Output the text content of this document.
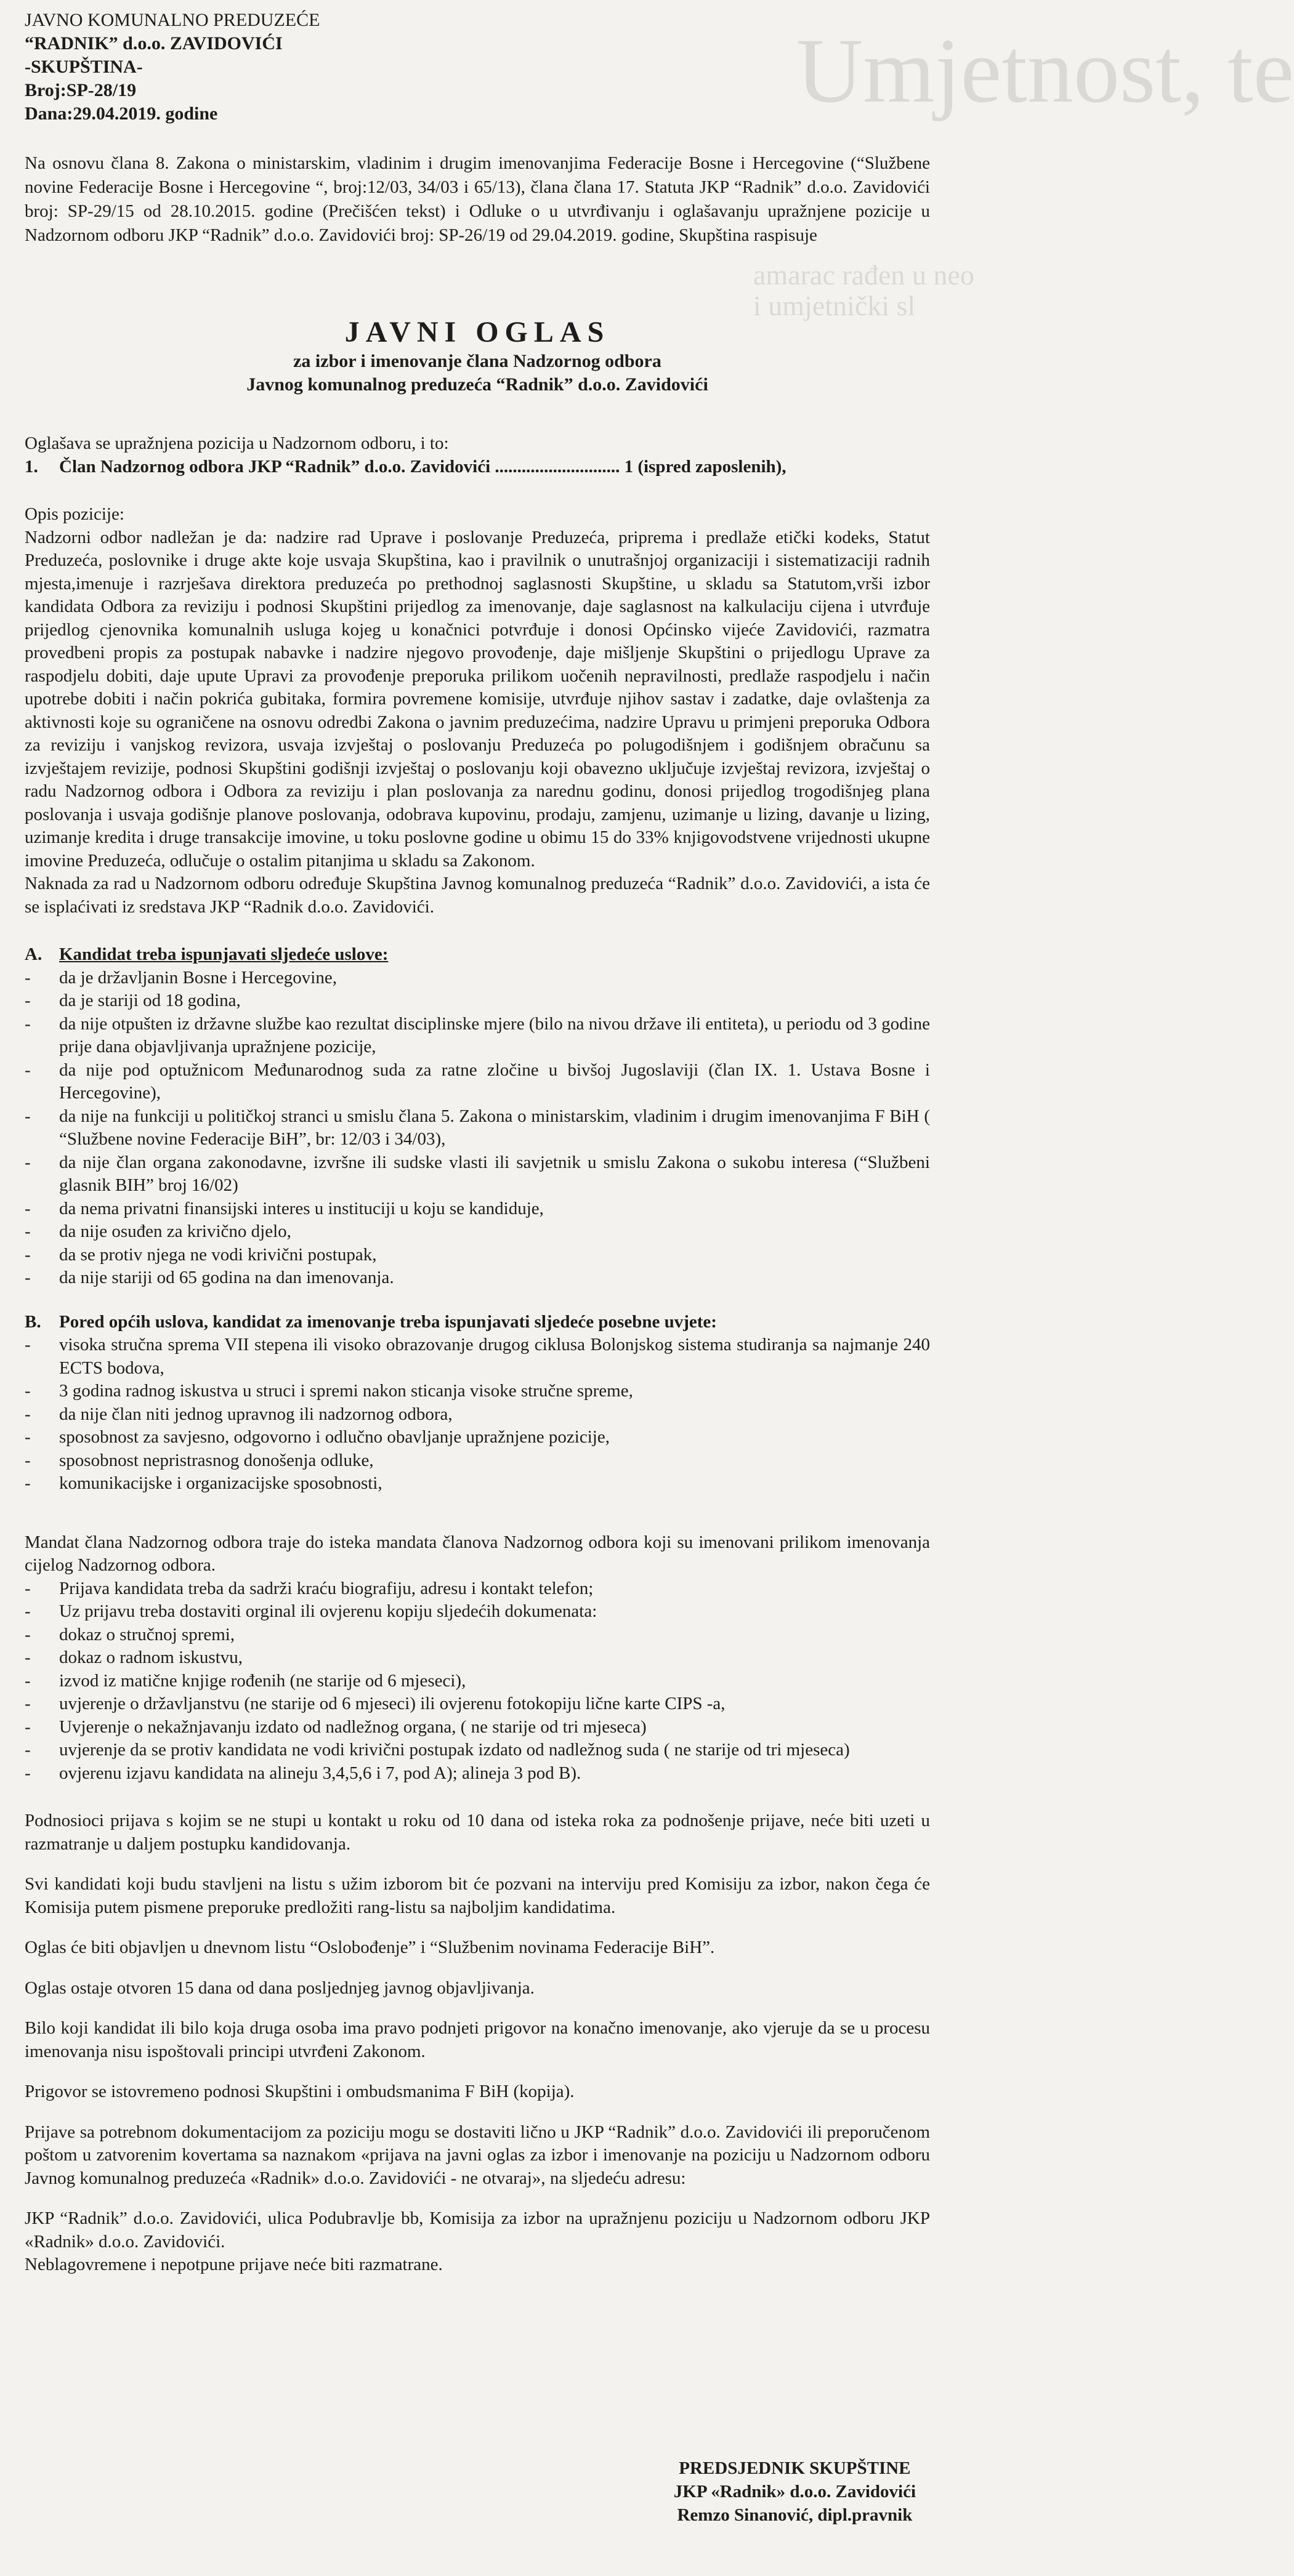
Umjetnost, te
amarac rađen u neo
i umjetnički sl
JAVNO KOMUNALNO PREDUZEĆE
“RADNIK” d.o.o. ZAVIDOVIĆI
-SKUPŠTINA-
Broj:SP-28/19
Dana:29.04.2019. godine

Na osnovu člana 8. Zakona o ministarskim, vladinim i drugim imenovanjima Federacije Bosne i Hercegovine (“Službene novine Federacije Bosne i Hercegovine “, broj:12/03, 34/03 i 65/13), člana člana 17. Statuta JKP “Radnik” d.o.o. Zavidovići broj: SP-29/15 od 28.10.2015. godine (Prečišćen tekst) i Odluke o u utvrđivanju i oglašavanju upražnjene pozicije u Nadzornom odboru JKP “Radnik” d.o.o. Zavidovići broj: SP-26/19 od 29.04.2019. godine, Skupština raspisuje

JAVNI OGLAS
za izbor i imenovanje člana Nadzornog odbora
Javnog komunalnog preduzeća “Radnik” d.o.o. Zavidovići

Oglašava se upražnjena pozicija u Nadzornom odboru, i to:

1.	Član Nadzornog odbora JKP “Radnik” d.o.o. Zavidovići ............................ 1 (ispred zaposlenih),

Opis pozicije:

Nadzorni odbor nadležan je da: nadzire rad Uprave i poslovanje Preduzeća, priprema i predlaže etički kodeks, Statut Preduzeća, poslovnike i druge akte koje usvaja Skupština, kao i pravilnik o unutrašnjoj organizaciji i sistematizaciji radnih mjesta,imenuje i razrješava direktora preduzeća po prethodnoj saglasnosti Skupštine, u skladu sa Statutom,vrši izbor kandidata Odbora za reviziju i podnosi Skupštini prijedlog za imenovanje, daje saglasnost na kalkulaciju cijena i utvrđuje prijedlog cjenovnika komunalnih usluga kojeg u konačnici potvrđuje i donosi Općinsko vijeće Zavidovići, razmatra provedbeni propis za postupak nabavke i nadzire njegovo provođenje, daje mišljenje Skupštini o prijedlogu Uprave za raspodjelu dobiti, daje upute Upravi za provođenje preporuka prilikom uočenih nepravilnosti, predlaže raspodjelu i način upotrebe dobiti i način pokrića gubitaka, formira povremene komisije, utvrđuje njihov sastav i zadatke, daje ovlaštenja za aktivnosti koje su ograničene na osnovu odredbi Zakona o javnim preduzećima, nadzire Upravu u primjeni preporuka Odbora za reviziju i vanjskog revizora, usvaja izvještaj o poslovanju Preduzeća po polugodišnjem i godišnjem obračunu sa izvještajem revizije, podnosi Skupštini godišnji izvještaj o poslovanju koji obavezno uključuje izvještaj revizora, izvještaj o radu Nadzornog odbora i Odbora za reviziju i plan poslovanja za narednu godinu, donosi prijedlog trogodišnjeg plana poslovanja i usvaja godišnje planove poslovanja, odobrava kupovinu, prodaju, zamjenu, uzimanje u lizing, davanje u lizing, uzimanje kredita i druge transakcije imovine, u toku poslovne godine u obimu 15 do 33% knjigovodstvene vrijednosti ukupne imovine Preduzeća, odlučuje o ostalim pitanjima u skladu sa Zakonom.

Naknada za rad u Nadzornom odboru određuje Skupština Javnog komunalnog preduzeća “Radnik” d.o.o. Zavidovići, a ista će se isplaćivati iz sredstava JKP “Radnik d.o.o. Zavidovići.

A. Kandidat treba ispunjavati sljedeće uslove:
-	da je državljanin Bosne i Hercegovine,
-	da je stariji od 18 godina,
-	da nije otpušten iz državne službe kao rezultat disciplinske mjere (bilo na nivou države ili entiteta), u periodu od 3 godine prije dana objavljivanja upražnjene pozicije,
-	da nije pod optužnicom Međunarodnog suda za ratne zločine u bivšoj Jugoslaviji (član IX. 1. Ustava Bosne i Hercegovine),
-	da nije na funkciji u političkoj stranci u smislu člana 5. Zakona o ministarskim, vladinim i drugim imenovanjima F BiH ( “Službene novine Federacije BiH”, br: 12/03 i 34/03),
-	da nije član organa zakonodavne, izvršne ili sudske vlasti ili savjetnik u smislu Zakona o sukobu interesa (“Službeni glasnik BIH” broj 16/02)
-	da nema privatni finansijski interes u instituciji u koju se kandiduje,
-	da nije osuđen za krivično djelo,
-	da se protiv njega ne vodi krivični postupak,
-	da nije stariji od 65 godina na dan imenovanja.
B.	Pored općih uslova, kandidat za imenovanje treba ispunjavati sljedeće posebne uvjete:
-	visoka stručna sprema VII stepena ili visoko obrazovanje drugog ciklusa Bolonjskog sistema studiranja sa najmanje 240 ECTS bodova,
-	3 godina radnog iskustva u struci i spremi nakon sticanja visoke stručne spreme,
-	da nije član niti jednog upravnog ili nadzornog odbora,
-	sposobnost za savjesno, odgovorno i odlučno obavljanje upražnjene pozicije,
-	sposobnost nepristrasnog donošenja odluke,
-	komunikacijske i organizacijske sposobnosti,

Mandat člana Nadzornog odbora traje do isteka mandata članova Nadzornog odbora koji su imenovani prilikom imenovanja cijelog Nadzornog odbora.

-	Prijava kandidata treba da sadrži kraću biografiju, adresu i kontakt telefon;
-	Uz prijavu treba dostaviti orginal ili ovjerenu kopiju sljedećih dokumenata:
-	dokaz o stručnoj spremi,
-	dokaz o radnom iskustvu,
-	izvod iz matične knjige rođenih (ne starije od 6 mjeseci),
-	uvjerenje o državljanstvu (ne starije od 6 mjeseci) ili ovjerenu fotokopiju lične karte CIPS -a,
-	Uvjerenje o nekažnjavanju izdato od nadležnog organa, ( ne starije od tri mjeseca)
-	uvjerenje da se protiv kandidata ne vodi krivični postupak izdato od nadležnog suda ( ne starije od tri mjeseca)
-	ovjerenu izjavu kandidata na alineju 3,4,5,6 i 7, pod A); alineja 3 pod B).

Podnosioci prijava s kojim se ne stupi u kontakt u roku od 10 dana od isteka roka za podnošenje prijave, neće biti uzeti u razmatranje u daljem postupku kandidovanja.

Svi kandidati koji budu stavljeni na listu s užim izborom bit će pozvani na interviju pred Komisiju za izbor, nakon čega će Komisija putem pismene preporuke predložiti rang-listu sa najboljim kandidatima.

Oglas će biti objavljen u dnevnom listu “Oslobođenje” i “Službenim novinama Federacije BiH”.

Oglas ostaje otvoren 15 dana od dana posljednjeg javnog objavljivanja.

Bilo koji kandidat ili bilo koja druga osoba ima pravo podnjeti prigovor na konačno imenovanje, ako vjeruje da se u procesu imenovanja nisu ispoštovali principi utvrđeni Zakonom.

Prigovor se istovremeno podnosi Skupštini i ombudsmanima F BiH (kopija).

Prijave sa potrebnom dokumentacijom za poziciju mogu se dostaviti lično u JKP “Radnik” d.o.o. Zavidovići ili preporučenom poštom u zatvorenim kovertama sa naznakom «prijava na javni oglas za izbor i imenovanje na poziciju u Nadzornom odboru Javnog komunalnog preduzeća «Radnik» d.o.o. Zavidovići - ne otvaraj», na sljedeću adresu:

JKP “Radnik” d.o.o. Zavidovići, ulica Podubravlje bb, Komisija za izbor na upražnjenu poziciju u Nadzornom odboru JKP «Radnik» d.o.o. Zavidovići.

Neblagovremene i nepotpune prijave neće biti razmatrane.

PREDSJEDNIK SKUPŠTINE
JKP «Radnik» d.o.o. Zavidovići
Remzo Sinanović, dipl.pravnik
